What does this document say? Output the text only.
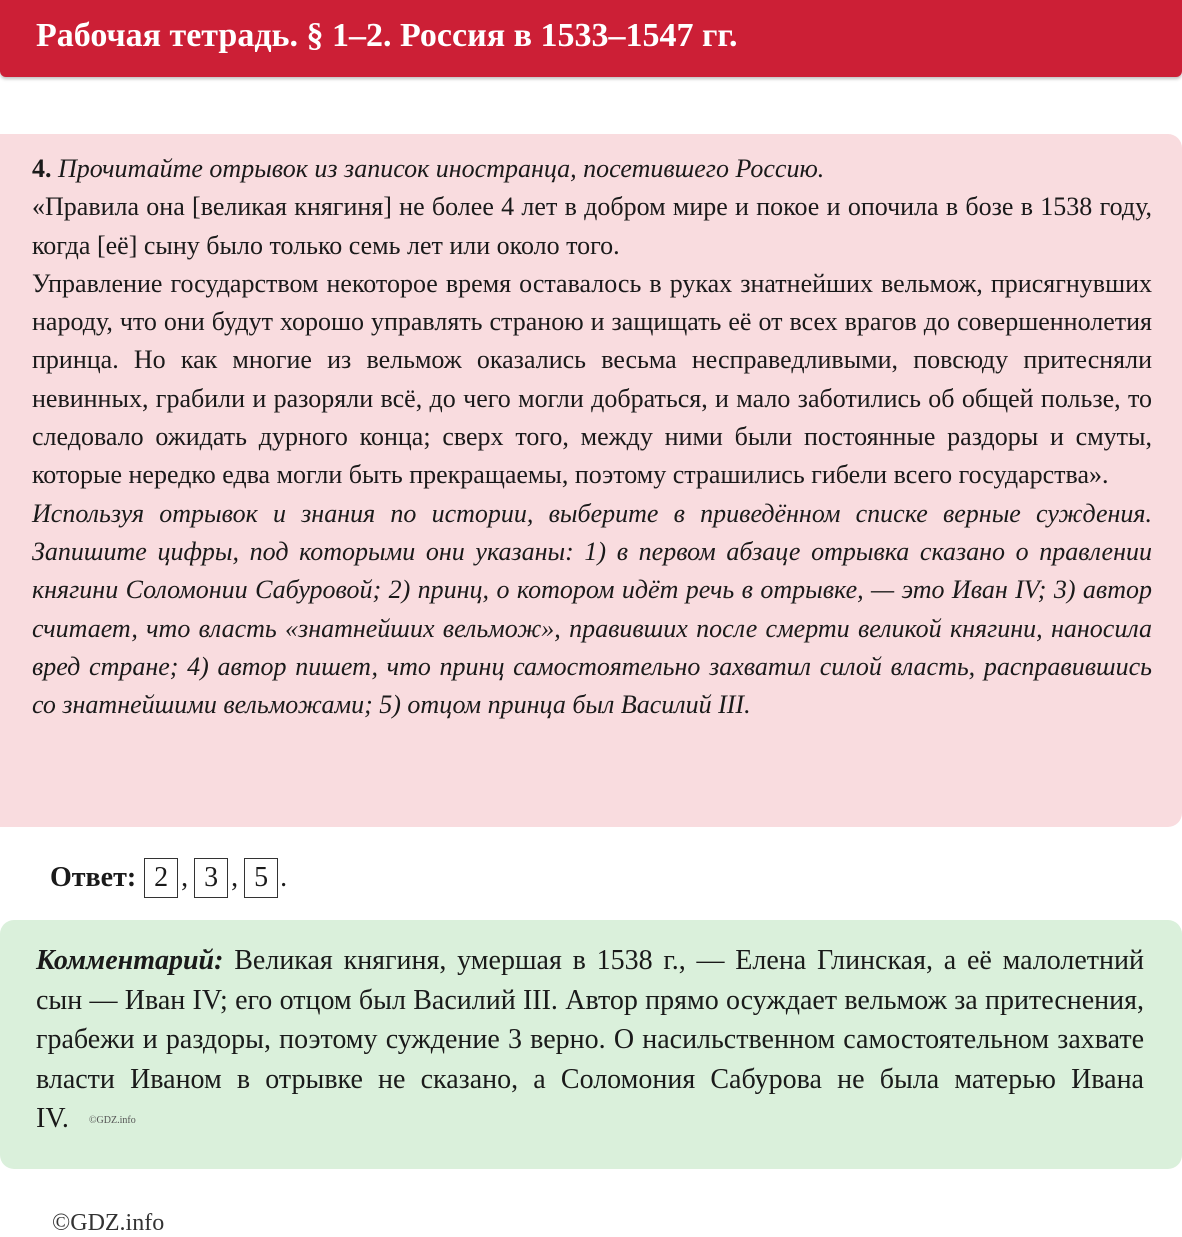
Рабочая тетрадь. § 1–2. Россия в 1533–1547 гг.

4. Прочитайте отрывок из записок иностранца, посетившего Россию.

«Правила она [великая княгиня] не более 4 лет в добром мире и покое и опочила в бозе в 1538 году, когда [её] сыну было только семь лет или около того.

Управление государством некоторое время оставалось в руках знатнейших вельмож, присягнувших народу, что они будут хорошо управлять страною и защищать её от всех врагов до совершеннолетия принца. Но как многие из вельмож оказались весьма несправедливыми, повсюду притесняли невинных, грабили и разоряли всё, до чего могли добраться, и мало заботились об общей пользе, то следовало ожидать дурного конца; сверх того, между ними были постоянные раздоры и смуты, которые нередко едва могли быть прекращаемы, поэтому страшились гибели всего государства».

Используя отрывок и знания по истории, выберите в приведённом списке верные суждения. Запишите цифры, под которыми они указаны: 1) в первом абзаце отрывка сказано о правлении княгини Соломонии Сабуровой; 2) принц, о котором идёт речь в отрывке, — это Иван IV; 3) автор считает, что власть «знатнейших вельмож», правивших после смерти великой княгини, наносила вред стране; 4) автор пишет, что принц самостоятельно захватил силой власть, расправившись со знатнейшими вельможами; 5) отцом принца был Василий III.

Ответ: 2 , 3 , 5 .

Комментарий: Великая княгиня, умершая в 1538 г., — Елена Глинская, а её малолетний сын — Иван IV; его отцом был Василий III. Автор прямо осуждает вельмож за притеснения, грабежи и раздоры, поэтому суждение 3 верно. О насильственном самостоятельном захвате власти Иваном в отрывке не сказано, а Соломония Сабурова не была матерью Ивана IV. ©GDZ.info

©GDZ.info
